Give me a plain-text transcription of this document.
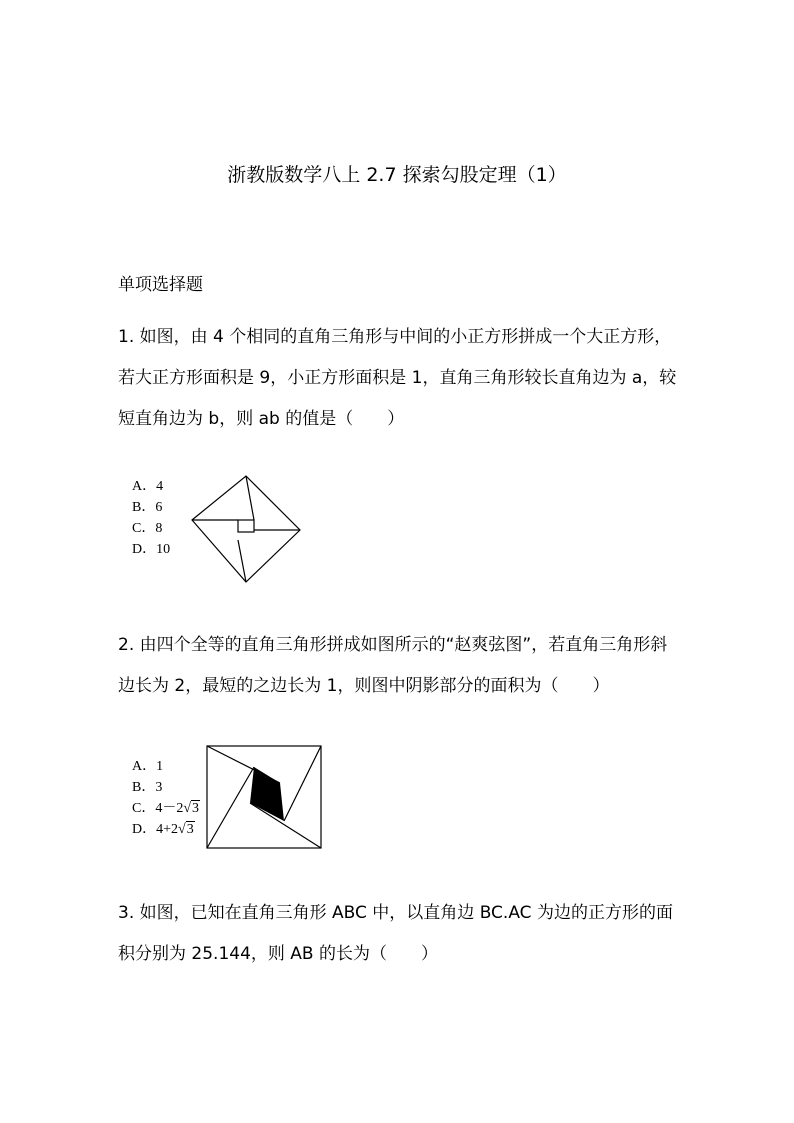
浙教版数学八上 2.7 探索勾股定理（1）
单项选择题
1. 如图，由 4 个相同的直角三角形与中间的小正方形拼成一个大正方形，若大正方形面积是 9，小正方形面积是 1，直角三角形较长直角边为 a，较短直角边为 b，则 ab 的值是（　　）
A．4
B．6
C．8
D．10
2. 由四个全等的直角三角形拼成如图所示的“赵爽弦图”，若直角三角形斜边长为 2，最短的之边长为 1，则图中阴影部分的面积为（　　）
A．1
B．3
C．4－2√3
D．4+2√3
3. 如图，已知在直角三角形 ABC 中，以直角边 BC.AC 为边的正方形的面积分别为 25.144，则 AB 的长为（　　）
